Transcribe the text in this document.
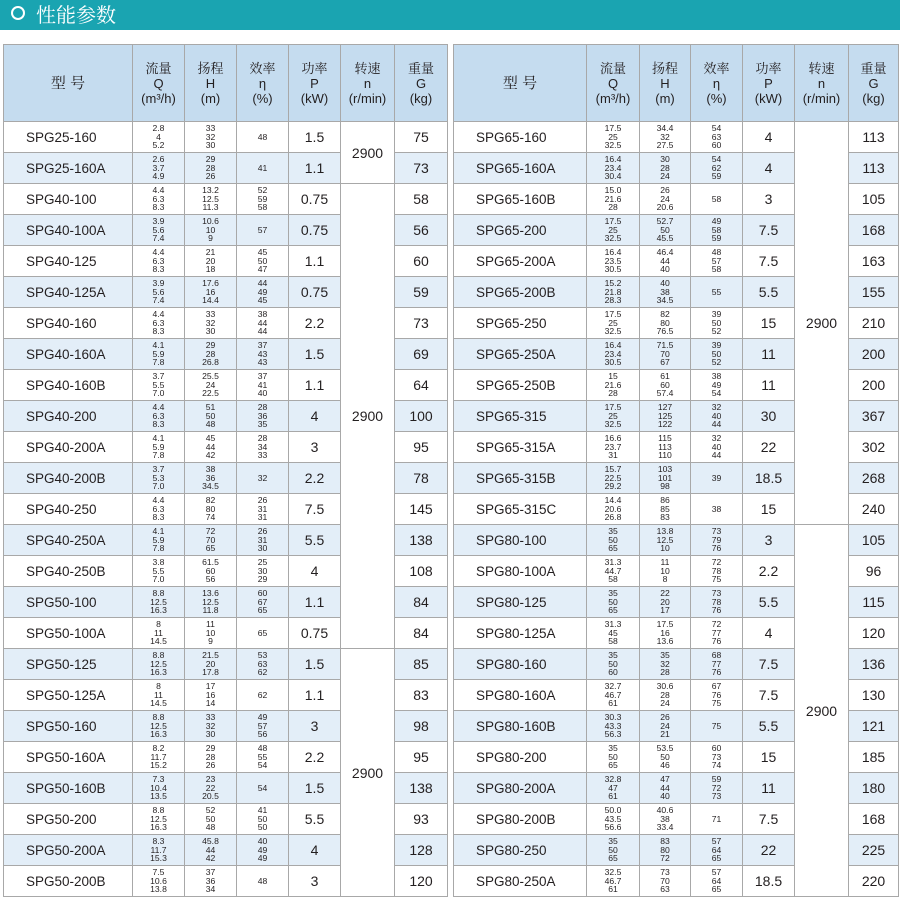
性能参数
型 号	流量
Q
(m³/h)	扬程
H
(m)	效率
η
(%)	功率
P
(kW)	转速
n
(r/min)	重量
G
(kg)

SPG25-160	2.8
4
5.2	33
32
30	48	1.5	2900	75
SPG25-160A	2.6
3.7
4.9	29
28
26	41	1.1		73
SPG40-100	4.4
6.3
8.3	13.2
12.5
11.3	52
59
58	0.75	2900	58
SPG40-100A	3.9
5.6
7.4	10.6
10
9	57	0.75		56
SPG40-125	4.4
6.3
8.3	21
20
18	45
50
47	1.1		60
SPG40-125A	3.9
5.6
7.4	17.6
16
14.4	44
49
45	0.75		59
SPG40-160	4.4
6.3
8.3	33
32
30	38
44
44	2.2		73
SPG40-160A	4.1
5.9
7.8	29
28
26.8	37
43
43	1.5		69
SPG40-160B	3.7
5.5
7.0	25.5
24
22.5	37
41
40	1.1		64
SPG40-200	4.4
6.3
8.3	51
50
48	28
36
35	4		100
SPG40-200A	4.1
5.9
7.8	45
44
42	28
34
33	3		95
SPG40-200B	3.7
5.3
7.0	38
36
34.5	32	2.2		78
SPG40-250	4.4
6.3
8.3	82
80
74	26
31
31	7.5		145
SPG40-250A	4.1
5.9
7.8	72
70
65	26
31
30	5.5		138
SPG40-250B	3.8
5.5
7.0	61.5
60
56	25
30
29	4		108
SPG50-100	8.8
12.5
16.3	13.6
12.5
11.8	60
67
65	1.1		84
SPG50-100A	8
11
14.5	11
10
9	65	0.75		84
SPG50-125	8.8
12.5
16.3	21.5
20
17.8	53
63
62	1.5	2900	85
SPG50-125A	8
11
14.5	17
16
14	62	1.1		83
SPG50-160	8.8
12.5
16.3	33
32
30	49
57
56	3		98
SPG50-160A	8.2
11.7
15.2	29
28
26	48
55
54	2.2		95
SPG50-160B	7.3
10.4
13.5	23
22
20.5	54	1.5		138
SPG50-200	8.8
12.5
16.3	52
50
48	41
50
50	5.5		93
SPG50-200A	8.3
11.7
15.3	45.8
44
42	40
49
49	4		128
SPG50-200B	7.5
10.6
13.8	37
36
34	48	3		120
型 号	流量
Q
(m³/h)	扬程
H
(m)	效率
η
(%)	功率
P
(kW)	转速
n
(r/min)	重量
G
(kg)

SPG65-160	17.5
25
32.5	34.4
32
27.5	54
63
60	4	2900	113
SPG65-160A	16.4
23.4
30.4	30
28
24	54
62
59	4		113
SPG65-160B	15.0
21.6
28	26
24
20.6	58	3		105
SPG65-200	17.5
25
32.5	52.7
50
45.5	49
58
59	7.5		168
SPG65-200A	16.4
23.5
30.5	46.4
44
40	48
57
58	7.5		163
SPG65-200B	15.2
21.8
28.3	40
38
34.5	55	5.5		155
SPG65-250	17.5
25
32.5	82
80
76.5	39
50
52	15		210
SPG65-250A	16.4
23.4
30.5	71.5
70
67	39
50
52	11		200
SPG65-250B	15
21.6
28	61
60
57.4	38
49
54	11		200
SPG65-315	17.5
25
32.5	127
125
122	32
40
44	30		367
SPG65-315A	16.6
23.7
31	115
113
110	32
40
44	22		302
SPG65-315B	15.7
22.5
29.2	103
101
98	39	18.5		268
SPG65-315C	14.4
20.6
26.8	86
85
83	38	15		240
SPG80-100	35
50
65	13.8
12.5
10	73
79
76	3	2900	105
SPG80-100A	31.3
44.7
58	11
10
8	72
78
75	2.2		96
SPG80-125	35
50
65	22
20
17	73
78
76	5.5		115
SPG80-125A	31.3
45
58	17.5
16
13.6	72
77
76	4		120
SPG80-160	35
50
60	35
32
28	68
77
76	7.5		136
SPG80-160A	32.7
46.7
61	30.6
28
24	67
76
75	7.5		130
SPG80-160B	30.3
43.3
56.3	26
24
21	75	5.5		121
SPG80-200	35
50
65	53.5
50
46	60
73
74	15		185
SPG80-200A	32.8
47
61	47
44
40	59
72
73	11		180
SPG80-200B	50.0
43.5
56.6	40.6
38
33.4	71	7.5		168
SPG80-250	35
50
65	83
80
72	57
64
65	22		225
SPG80-250A	32.5
46.7
61	73
70
63	57
64
65	18.5		220
